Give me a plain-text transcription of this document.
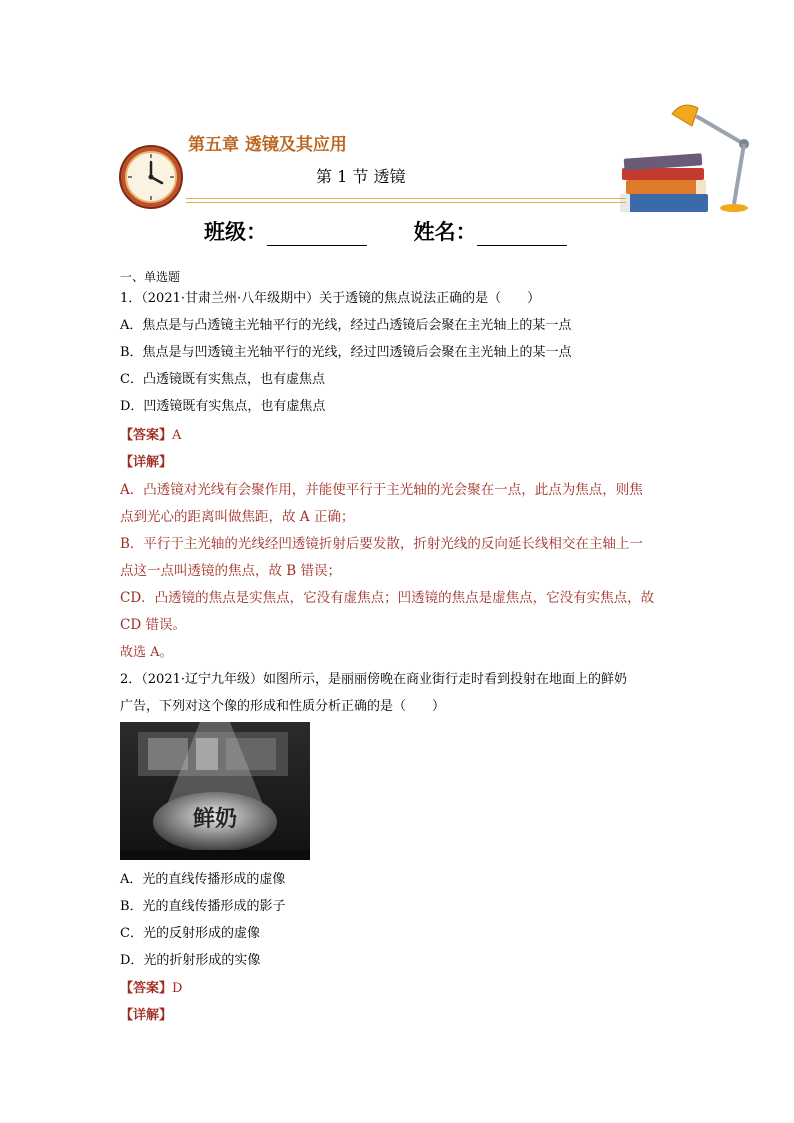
第五章 透镜及其应用
第 1 节 透镜
班级：	姓名：
一、单选题
1．（2021·甘肃兰州·八年级期中）关于透镜的焦点说法正确的是（　　）
A．焦点是与凸透镜主光轴平行的光线，经过凸透镜后会聚在主光轴上的某一点
B．焦点是与凹透镜主光轴平行的光线，经过凹透镜后会聚在主光轴上的某一点
C．凸透镜既有实焦点，也有虚焦点
D．凹透镜既有实焦点，也有虚焦点
【答案】A
【详解】
A．凸透镜对光线有会聚作用，并能使平行于主光轴的光会聚在一点，此点为焦点，则焦
点到光心的距离叫做焦距，故 A 正确；
B．平行于主光轴的光线经凹透镜折射后要发散，折射光线的反向延长线相交在主轴上一
点这一点叫透镜的焦点，故 B 错误；
CD．凸透镜的焦点是实焦点，它没有虚焦点；凹透镜的焦点是虚焦点，它没有实焦点，故
CD 错误。
故选 A。
2．（2021·辽宁九年级）如图所示，是丽丽傍晚在商业街行走时看到投射在地面上的鲜奶
广告，下列对这个像的形成和性质分析正确的是（　　）
鲜奶
A．光的直线传播形成的虚像
B．光的直线传播形成的影子
C．光的反射形成的虚像
D．光的折射形成的实像
【答案】D
【详解】
